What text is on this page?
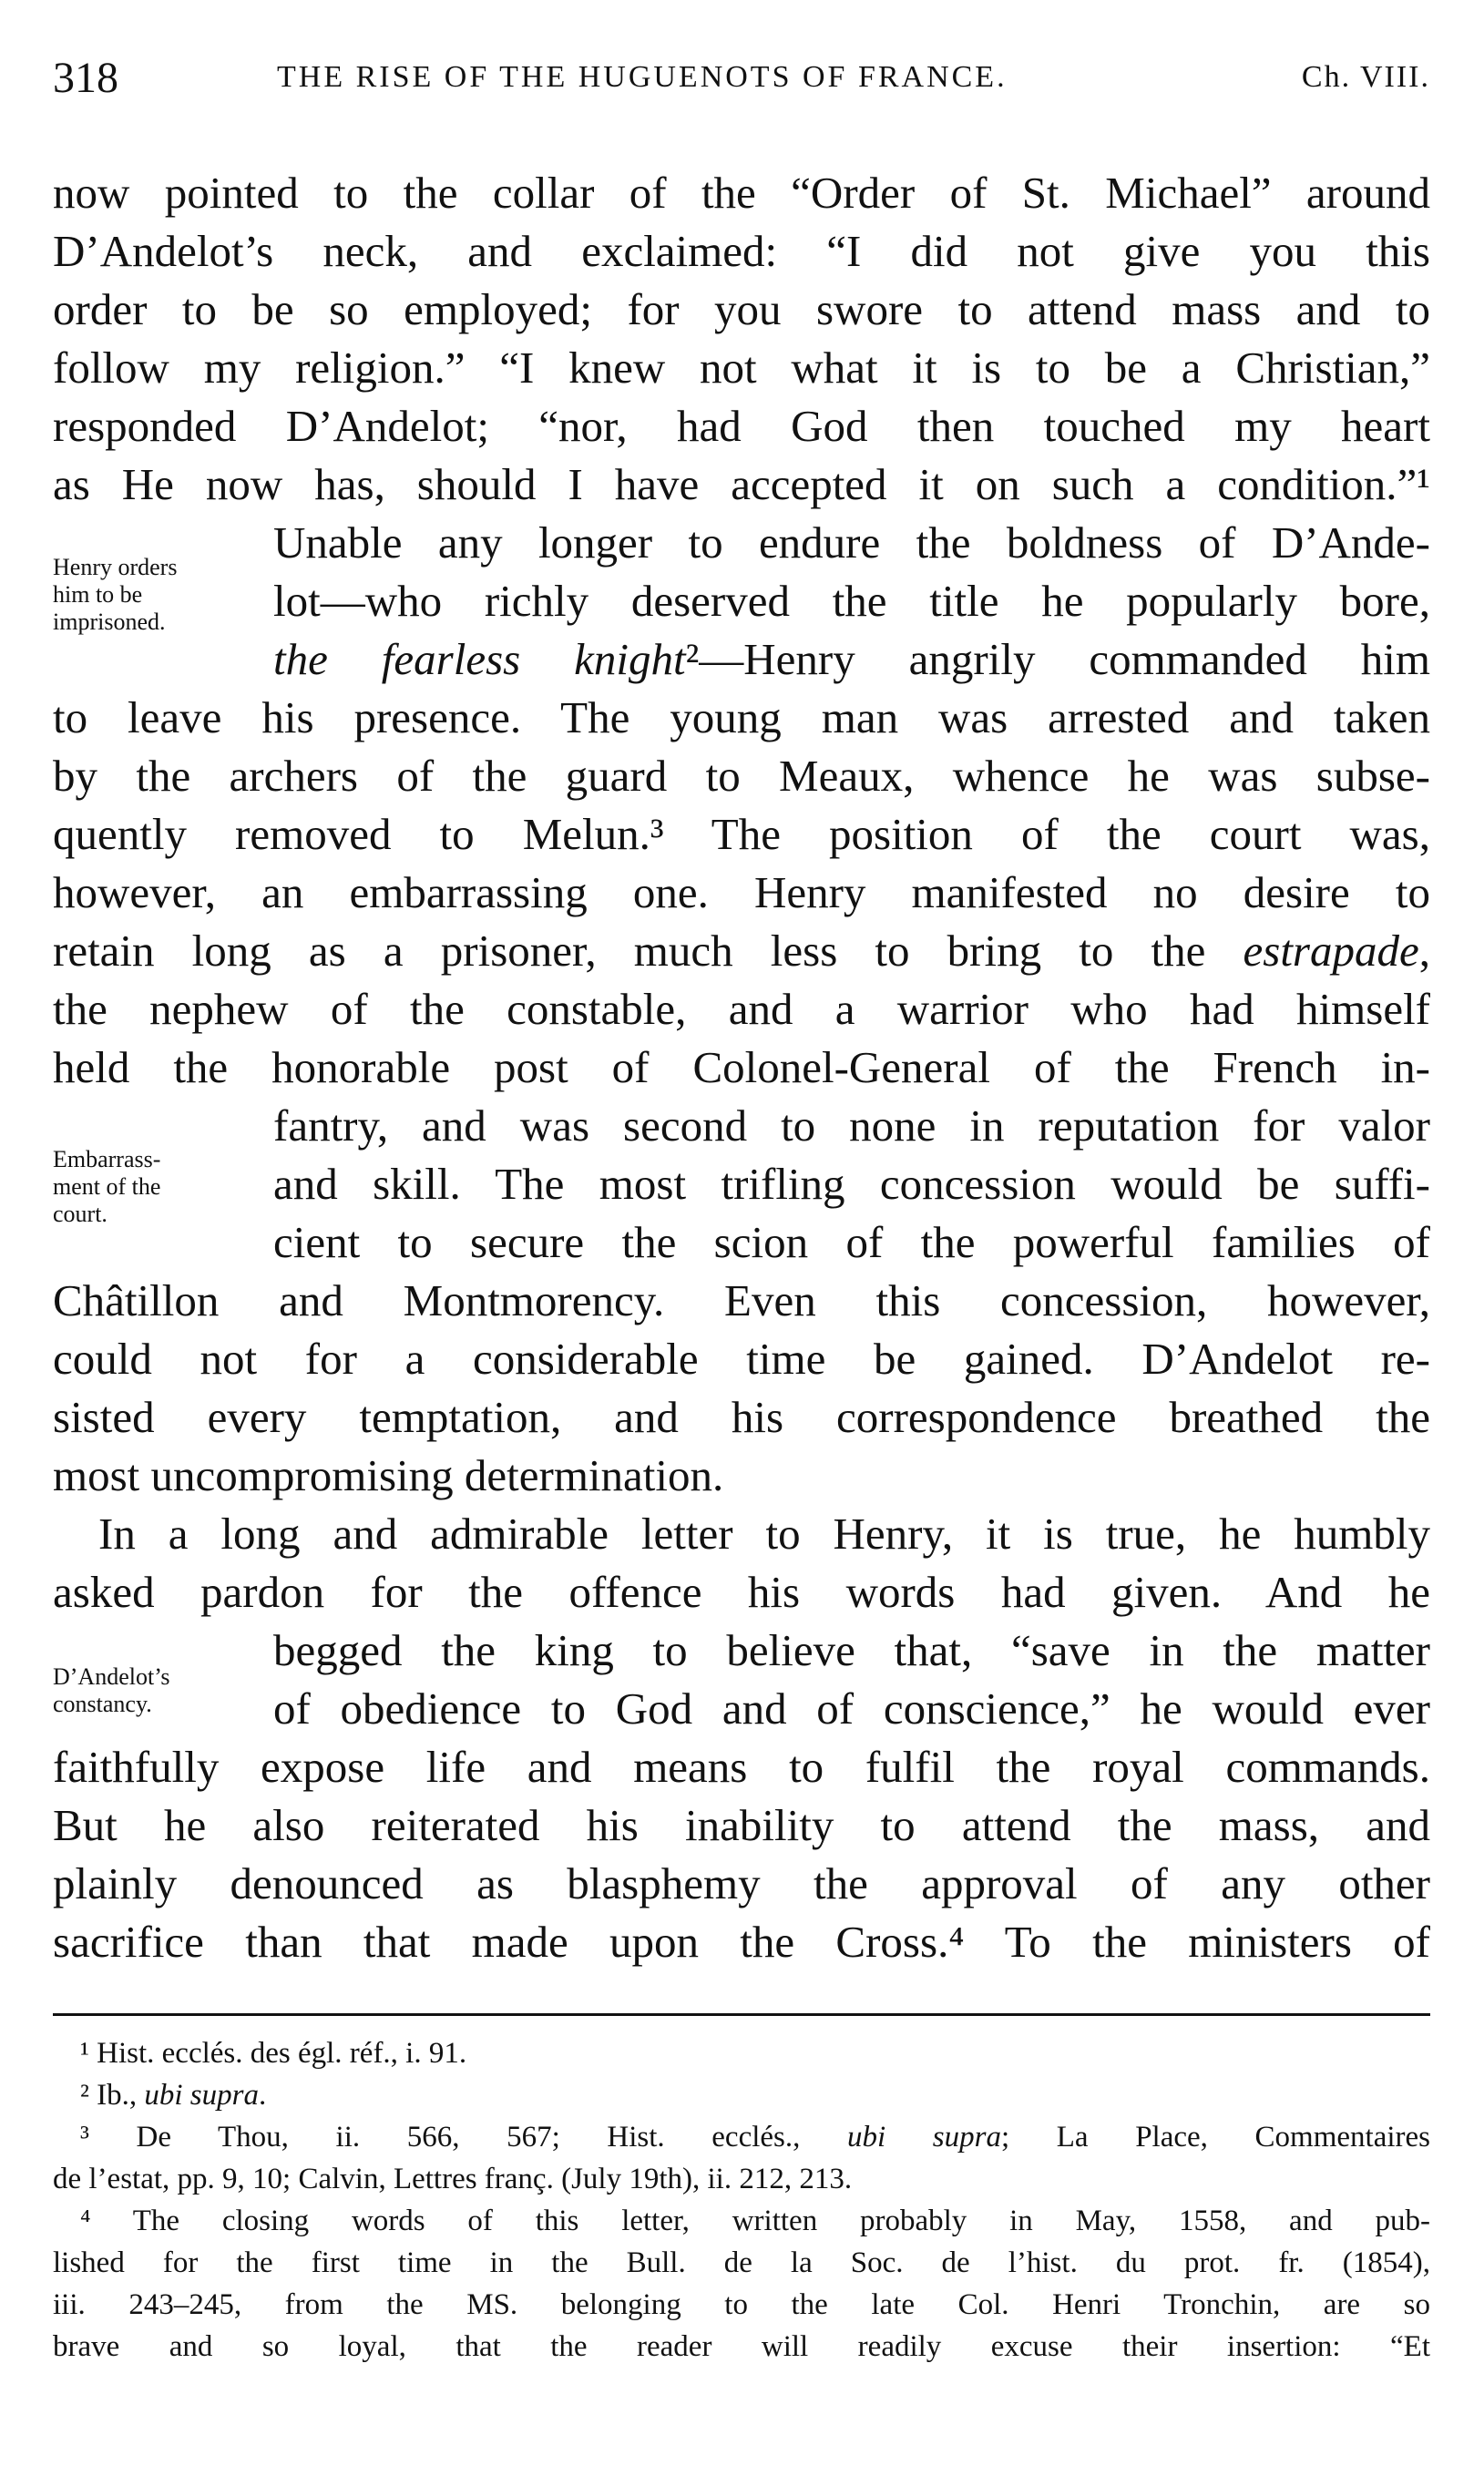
318	THE RISE OF THE HUGUENOTS OF FRANCE.	Ch. VIII.
now pointed to the collar of the “Order of St. Michael” around
D’Andelot’s neck, and exclaimed: “I did not give you this
order to be so employed; for you swore to attend mass and to
follow my religion.” “I knew not what it is to be a Christian,”
responded D’Andelot; “nor, had God then touched my heart
as He now has, should I have accepted it on such a condition.”¹
Unable any longer to endure the boldness of D’Ande-
lot—who richly deserved the title he popularly bore,
the fearless knight²—Henry angrily commanded him
to leave his presence. The young man was arrested and taken
by the archers of the guard to Meaux, whence he was subse-
quently removed to Melun.³ The position of the court was,
however, an embarrassing one. Henry manifested no desire to
retain long as a prisoner, much less to bring to the estrapade,
the nephew of the constable, and a warrior who had himself
held the honorable post of Colonel-General of the French in-
fantry, and was second to none in reputation for valor
and skill. The most trifling concession would be suffi-
cient to secure the scion of the powerful families of
Châtillon and Montmorency. Even this concession, however,
could not for a considerable time be gained. D’Andelot re-
sisted every temptation, and his correspondence breathed the
most uncompromising determination.
In a long and admirable letter to Henry, it is true, he humbly
asked pardon for the offence his words had given. And he
begged the king to believe that, “save in the matter
of obedience to God and of conscience,” he would ever
faithfully expose life and means to fulfil the royal commands.
But he also reiterated his inability to attend the mass, and
plainly denounced as blasphemy the approval of any other
sacrifice than that made upon the Cross.⁴ To the ministers of
Henry orders
him to be
imprisoned.
Embarrass-
ment of the
court.
D’Andelot’s
constancy.
¹ Hist. ecclés. des égl. réf., i. 91.
² Ib., ubi supra.
³ De Thou, ii. 566, 567; Hist. ecclés., ubi supra; La Place, Commentaires
de l’estat, pp. 9, 10; Calvin, Lettres franç. (July 19th), ii. 212, 213.
⁴ The closing words of this letter, written probably in May, 1558, and pub-
lished for the first time in the Bull. de la Soc. de l’hist. du prot. fr. (1854),
iii. 243–245, from the MS. belonging to the late Col. Henri Tronchin, are so
brave and so loyal, that the reader will readily excuse their insertion: “Et
